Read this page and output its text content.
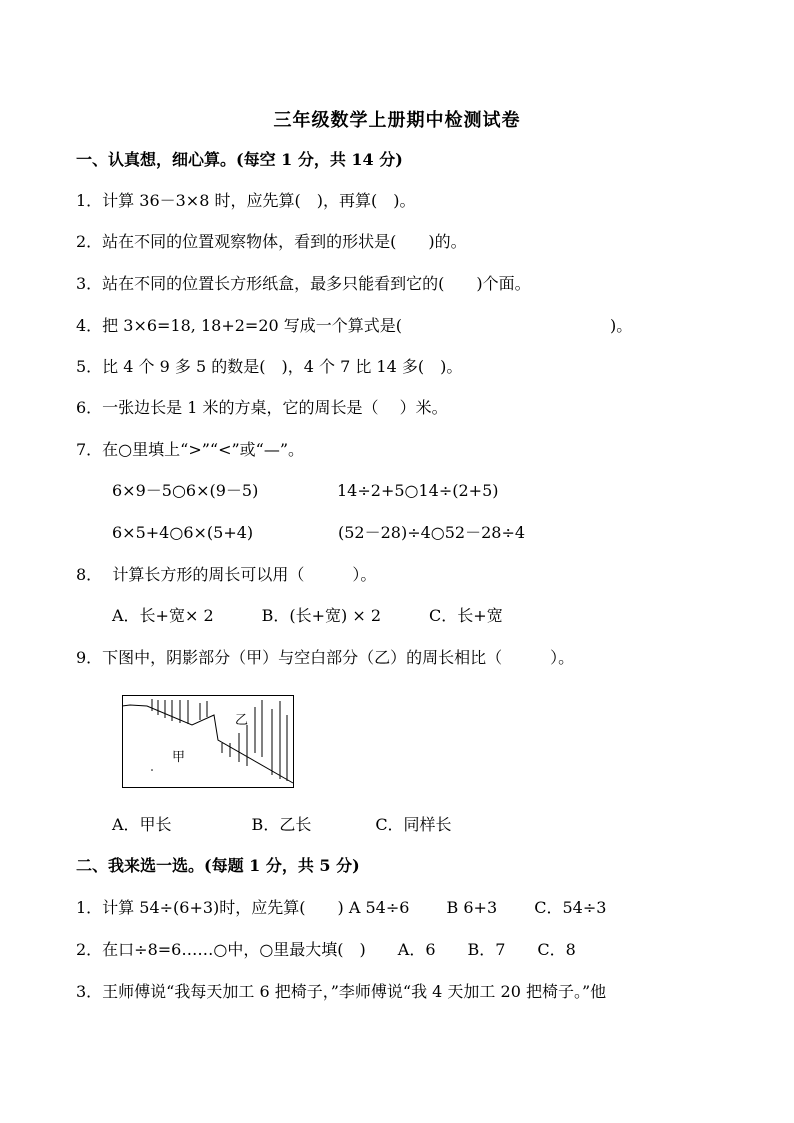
三年级数学上册期中检测试卷
一、认真想，细心算。(每空 1 分，共 14 分)
1．计算 36－3×8 时，应先算(　)，再算(　)。
2．站在不同的位置观察物体，看到的形状是(　　)的。
3．站在不同的位置长方形纸盒，最多只能看到它的(　　)个面。
4．把 3×6=18, 18+2=20 写成一个算式是(　　　　　　　　　　　　　)。
5．比 4 个 9 多 5 的数是(　)，4 个 7 比 14 多(　)。
6．一张边长是 1 米的方桌，它的周长是（　 ）米。
7．在○里填上“>”“<”或“—”。
6×9－5○6×(9－5)	14÷2+5○14÷(2+5)
6×5+4○6×(5+4)	(52－28)÷4○52－28÷4
8．  计算长方形的周长可以用（　　　）。
A．长+宽× 2　　　B．(长+宽) × 2　　　C．长+宽
9．下图中，阴影部分（甲）与空白部分（乙）的周长相比（　　　）。
乙
甲
A．甲长　　　　　B．乙长　　　　C．同样长
二、我来选一选。(每题 1 分，共 5 分)
1．计算 54÷(6+3)时，应先算(　　) A 54÷6　　 B 6+3　　 C．54÷3
2．在口÷8=6……○中，○里最大填(　)　　A．6　　B．7　　C．8
3．王师傅说“我每天加工 6 把椅子，”李师傅说“我 4 天加工 20 把椅子。”他
